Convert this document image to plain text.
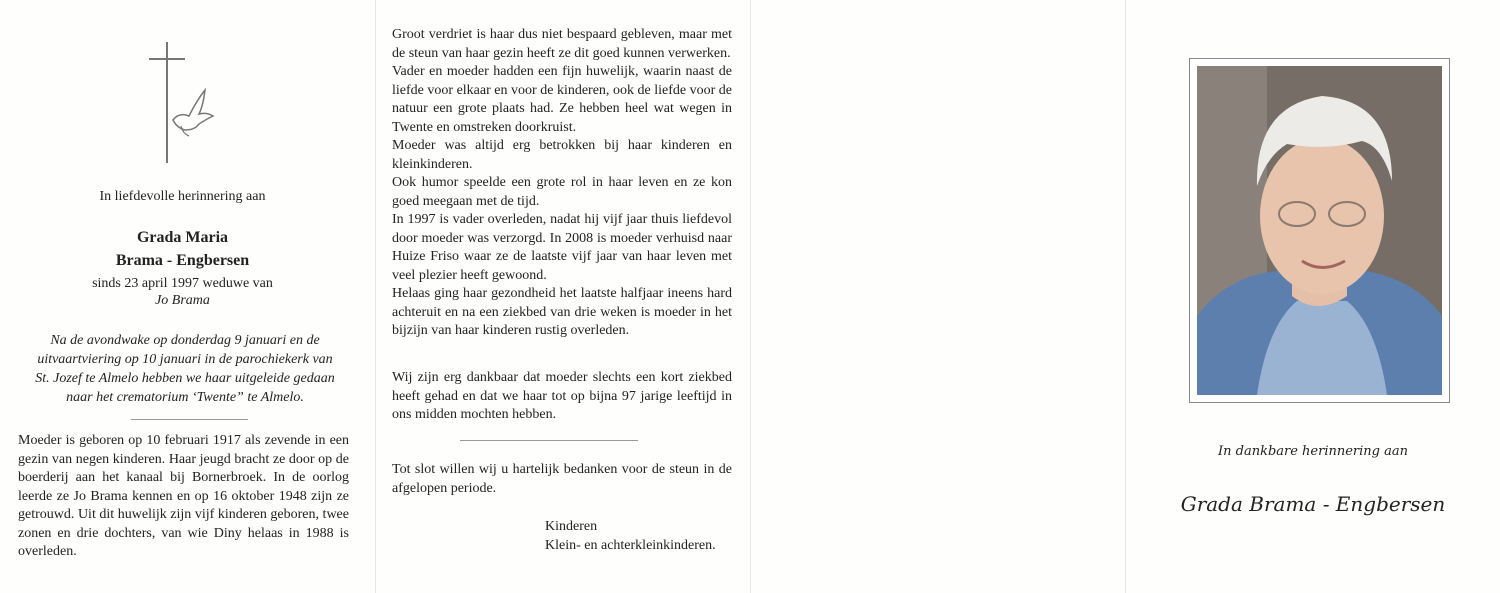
In liefdevolle herinnering aan
Grada Maria
Brama - Engbersen
sinds 23 april 1997 weduwe van
Jo Brama
Na de avondwake op donderdag 9 januari en de
uitvaartviering op 10 januari in de parochiekerk van
St. Jozef te Almelo hebben we haar uitgeleide gedaan
naar het crematorium ‘Twente” te Almelo.

Moeder is geboren op 10 februari 1917 als zevende in een gezin van negen kinderen. Haar jeugd bracht ze door op de boerderij aan het kanaal bij Bornerbroek. In de oorlog leerde ze Jo Brama kennen en op 16 oktober 1948 zijn ze getrouwd. Uit dit huwelijk zijn vijf kinderen geboren, twee zonen en drie dochters, van wie Diny helaas in 1988 is overleden.

Groot verdriet is haar dus niet bespaard gebleven, maar met de steun van haar gezin heeft ze dit goed kunnen verwerken.
Vader en moeder hadden een fijn huwelijk, waarin naast de liefde voor elkaar en voor de kinderen, ook de liefde voor de natuur een grote plaats had. Ze hebben heel wat wegen in Twente en omstreken doorkruist.
Moeder was altijd erg betrokken bij haar kinderen en kleinkinderen.
Ook humor speelde een grote rol in haar leven en ze kon goed meegaan met de tijd.
In 1997 is vader overleden, nadat hij vijf jaar thuis liefdevol door moeder was verzorgd. In 2008 is moeder verhuisd naar Huize Friso waar ze de laatste vijf jaar van haar leven met veel plezier heeft gewoond.
Helaas ging haar gezondheid het laatste halfjaar ineens hard achteruit en na een ziekbed van drie weken is moeder in het bijzijn van haar kinderen rustig overleden.

Wij zijn erg dankbaar dat moeder slechts een kort ziekbed heeft gehad en dat we haar tot op bijna 97 jarige leeftijd in ons midden mochten hebben.

Tot slot willen wij u hartelijk bedanken voor de steun in de afgelopen periode.

Kinderen
Klein- en achterkleinkinderen.
In dankbare herinnering aan
Grada Brama - Engbersen
